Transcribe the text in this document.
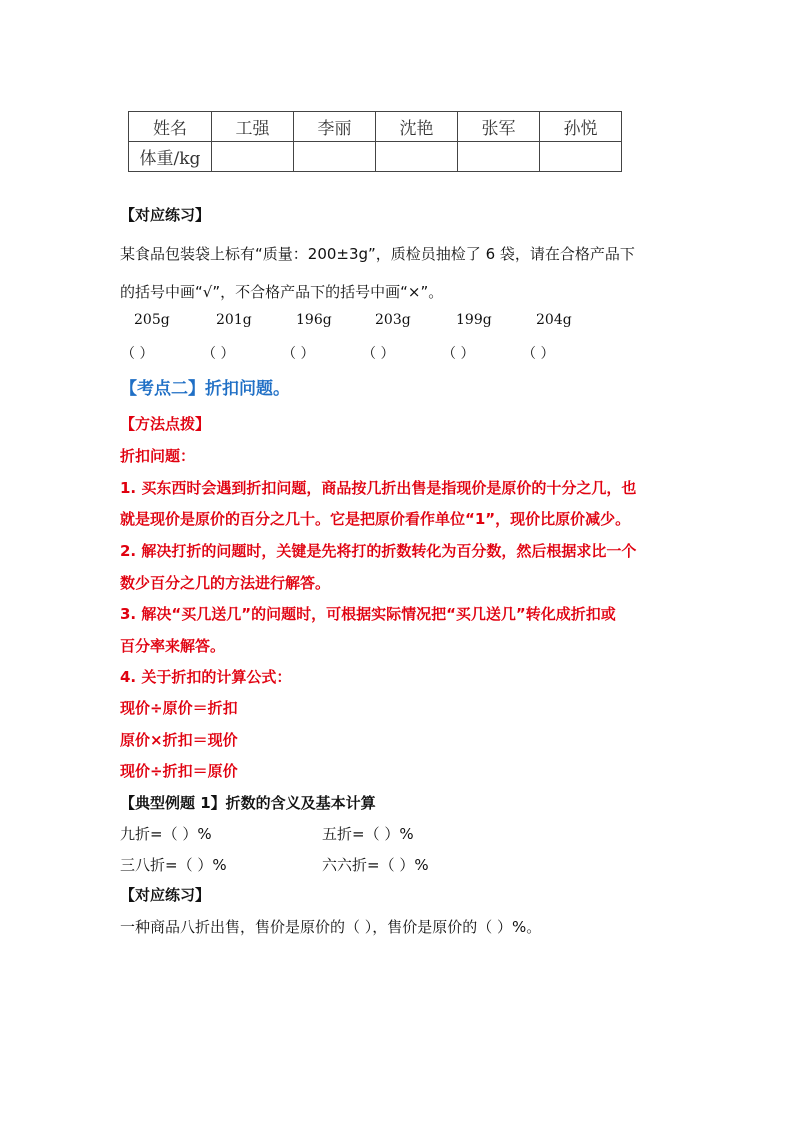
姓名	工强	李丽	沈艳	张军	孙悦
体重/kg					
【对应练习】
某食品包装袋上标有“质量：200±3g”，质检员抽检了 6 袋，请在合格产品下
的括号中画“√”，不合格产品下的括号中画“×”。
205g	201g	196g	203g	199g	204g
（ ）	（ ）	（ ）	（ ）	（ ）	（ ）
【考点二】折扣问题。
【方法点拨】
折扣问题：
1. 买东西时会遇到折扣问题，商品按几折出售是指现价是原价的十分之几，也
就是现价是原价的百分之几十。它是把原价看作单位“1”，现价比原价减少。
2. 解决打折的问题时，关键是先将打的折数转化为百分数，然后根据求比一个
数少百分之几的方法进行解答。
3. 解决“买几送几”的问题时，可根据实际情况把“买几送几”转化成折扣或
百分率来解答。
4. 关于折扣的计算公式：
现价÷原价＝折扣
原价×折扣＝现价
现价÷折扣＝原价
【典型例题 1】折数的含义及基本计算
九折=（ ）%	五折=（ ）%
三八折=（ ）%	六六折=（ ）%
【对应练习】
一种商品八折出售，售价是原价的（ ），售价是原价的（ ）%。
